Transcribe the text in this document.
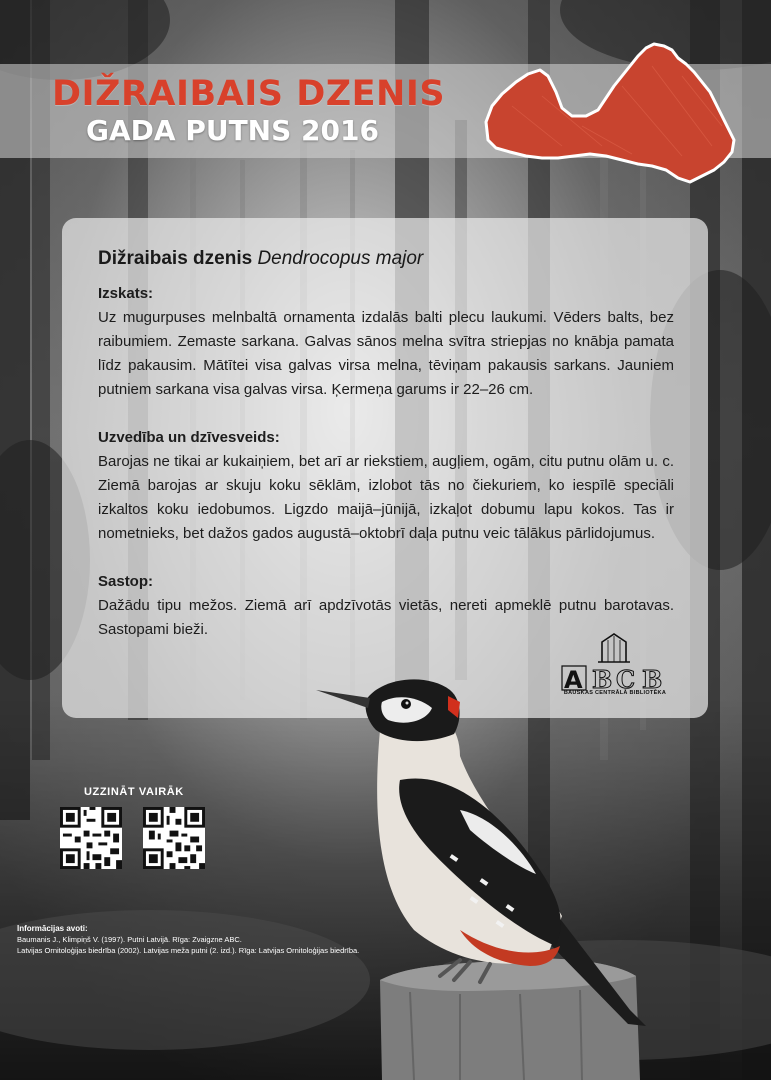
DIŽRAIBAIS DZENIS
GADA PUTNS 2016
Dižraibais dzenis Dendrocopus major
Izskats:

Uz mugurpuses melnbaltā ornamenta izdalās balti plecu laukumi. Vēders balts, bez raibumiem. Zemaste sarkana. Galvas sānos melna svītra striepjas no knābja pamata līdz pakausim. Mātītei visa galvas virsa melna, tēviņam pakausis sarkans. Jauniem putniem sarkana visa galvas virsa. Ķermeņa garums ir 22–26 cm.

Uzvedība un dzīvesveids:

Barojas ne tikai ar kukaiņiem, bet arī ar riekstiem, augļiem, ogām, citu putnu olām u. c. Ziemā barojas ar skuju koku sēklām, izlobot tās no čiekuriem, ko iespīlē speciāli izkaltos koku iedobumos. Ligzdo maijā–jūnijā, izkaļot dobumu lapu kokos. Tas ir nometnieks, bet dažos gados augustā–oktobrī daļa putnu veic tālākus pārlidojumus.

Sastop:

Dažādu tipu mežos. Ziemā arī apdzīvotās vietās, nereti apmeklē putnu barotavas. Sastopami bieži.

A B C B
BAUSKAS CENTRĀLĀ BIBLIOTĒKA
UZZINĀT VAIRĀK
Informācijas avoti:
Baumanis J., Klimpiņš V. (1997). Putni Latvijā. Rīga: Zvaigzne ABC.
Latvijas Ornitoloģijas biedrība (2002). Latvijas meža putni (2. izd.). Rīga: Latvijas Ornitoloģijas biedrība.
